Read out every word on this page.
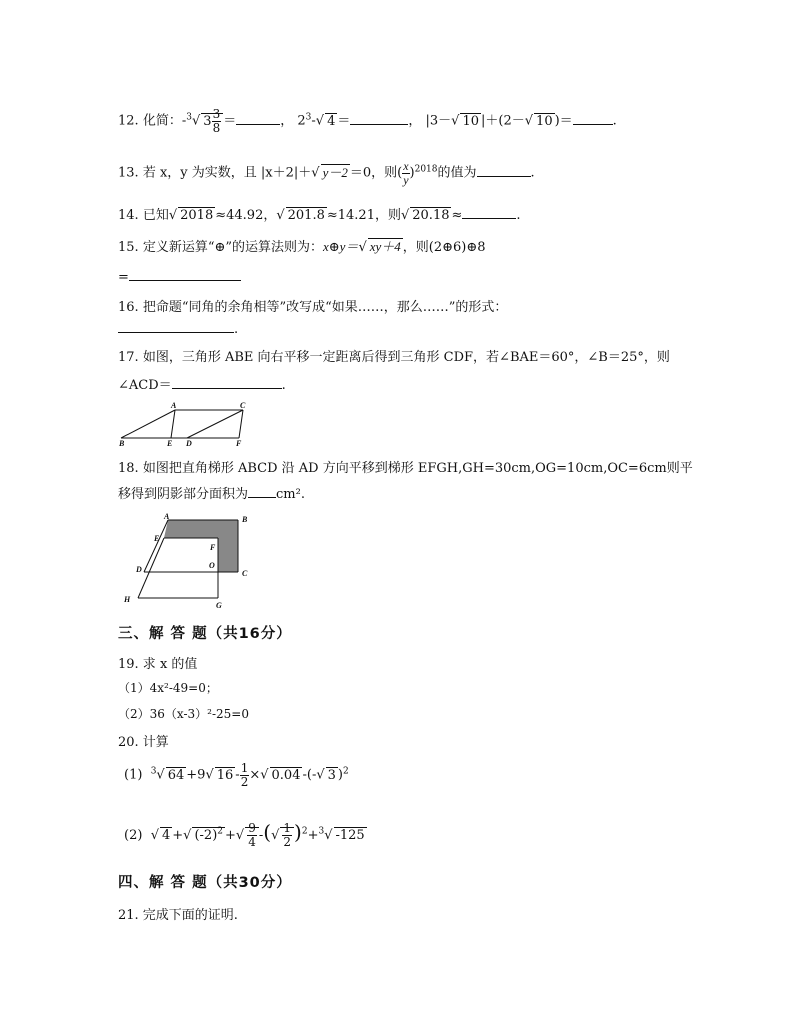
12. 化简：-$^3$√ $3 \frac{3}{8}$ ＝	， $2^3-√$ 4 ＝	， |3－√ 10 |＋(2－√ 10 )＝	.
13. 若 x，y 为实数，且 |x＋2|＋√ y－2 ＝0，则( $\frac{x}{y} )^{2018}$的值为	.
14. 已知√ 2018 ≈44.92，√ 201.8 ≈14.21，则√ 20.18 ≈	.
15. 定义新运算“⊕”的运算法则为：x⊕y＝√ xy＋4 ，则(2⊕6)⊕8
=
16. 把命题“同角的余角相等”改写成“如果……，那么……”的形式：
.
17. 如图，三角形 ABE 向右平移一定距离后得到三角形 CDF，若∠BAE＝60°，∠B＝25°，则
∠ACD＝	.
A	C
B	E D	F
18. 如图把直角梯形 ABCD 沿 AD 方向平移到梯形 EFGH,GH=30cm,OG=10cm,OC=6cm则平
移得到阴影部分面积为 cm².
A	B
E
F
O
C
D
H
G
三、解 答 题（共16分）
19. 求 x 的值
（1）4x²-49=0；
（2）36（x-3）²-25=0
20. 计算
(1) $^3$√ 64 +9√ $16 - \frac{1}{2}$ ×√ 0.04 -(-√ 3 )$^2$
(2) √ 4 +√ $(-2)^2$ +√ $\frac{9}{4}$ -(√ $\frac{1}{2} )^2+^3√$ -125
四、解 答 题（共30分）
21. 完成下面的证明.
